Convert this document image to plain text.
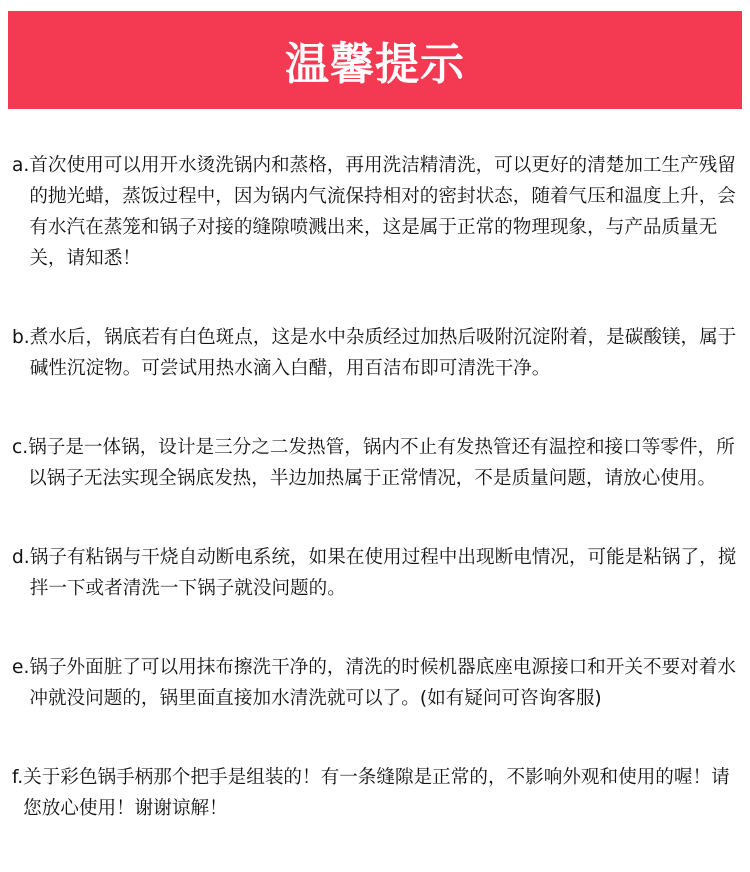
温馨提示
a. 首次使用可以用开水烫洗锅内和蒸格，再用洗洁精清洗，可以更好的清楚加工生产残留的抛光蜡，蒸饭过程中，因为锅内气流保持相对的密封状态，随着气压和温度上升，会有水汽在蒸笼和锅子对接的缝隙喷溅出来，这是属于正常的物理现象，与产品质量无关，请知悉！
b. 煮水后，锅底若有白色斑点，这是水中杂质经过加热后吸附沉淀附着，是碳酸镁，属于碱性沉淀物。可尝试用热水滴入白醋，用百洁布即可清洗干净。
c. 锅子是一体锅，设计是三分之二发热管，锅内不止有发热管还有温控和接口等零件，所以锅子无法实现全锅底发热，半边加热属于正常情况，不是质量问题，请放心使用。
d. 锅子有粘锅与干烧自动断电系统，如果在使用过程中出现断电情况，可能是粘锅了，搅拌一下或者清洗一下锅子就没问题的。
e. 锅子外面脏了可以用抹布擦洗干净的，清洗的时候机器底座电源接口和开关不要对着水冲就没问题的，锅里面直接加水清洗就可以了。(如有疑问可咨询客服)
f. 关于彩色锅手柄那个把手是组装的！有一条缝隙是正常的，不影响外观和使用的喔！请您放心使用！谢谢谅解！
